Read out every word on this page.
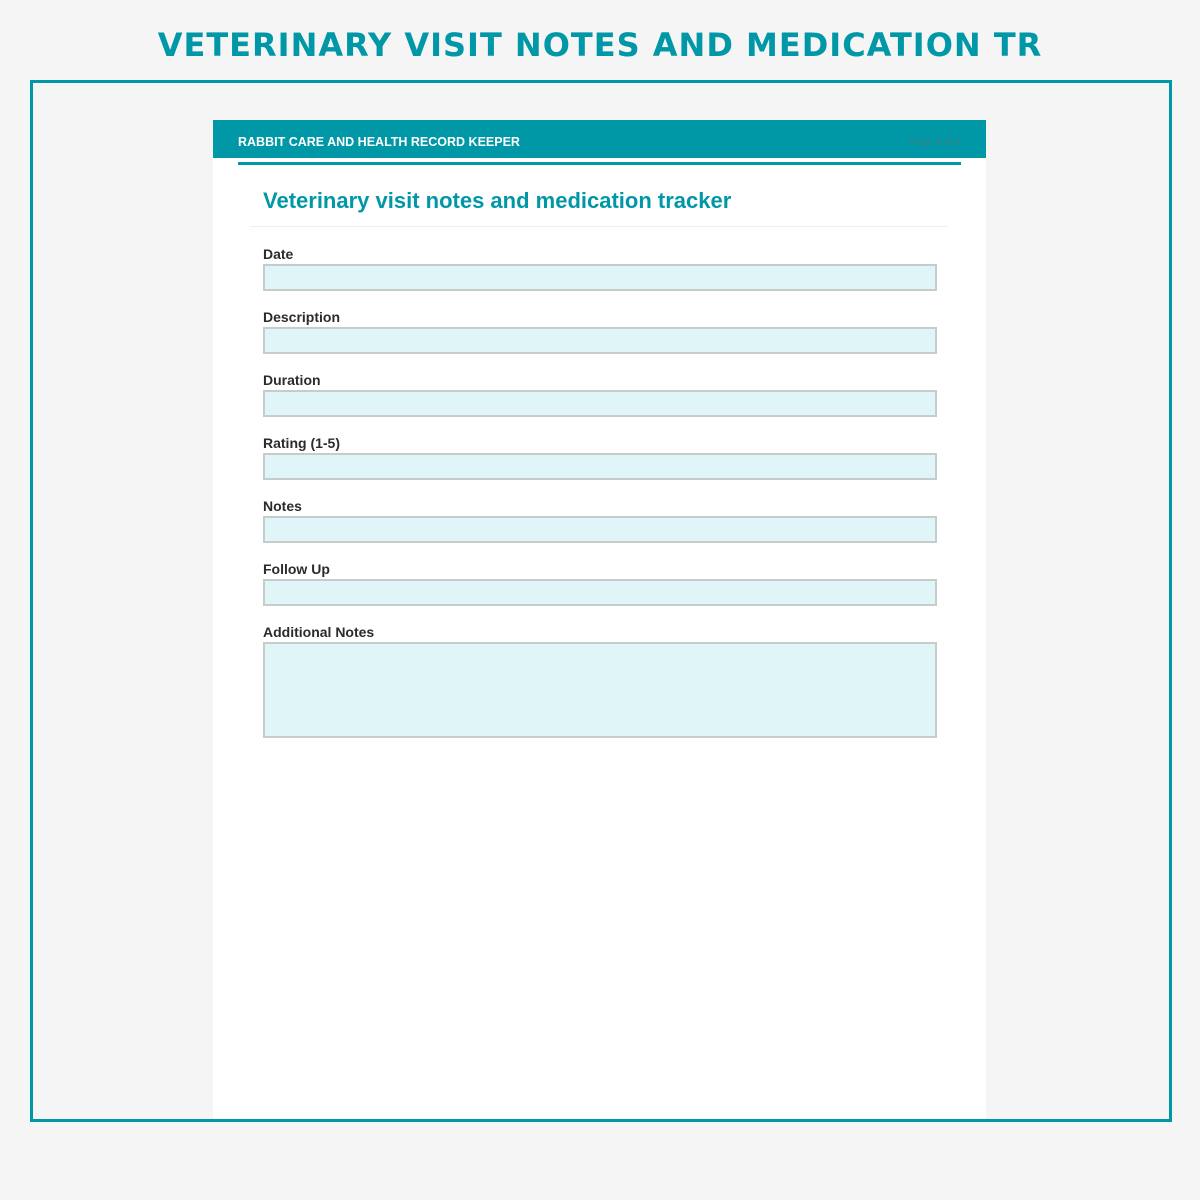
VETERINARY VISIT NOTES AND MEDICATION TR
RABBIT CARE AND HEALTH RECORD KEEPER	Page 4 of 4
Veterinary visit notes and medication tracker
Date
Description
Duration
Rating (1-5)
Notes
Follow Up
Additional Notes
